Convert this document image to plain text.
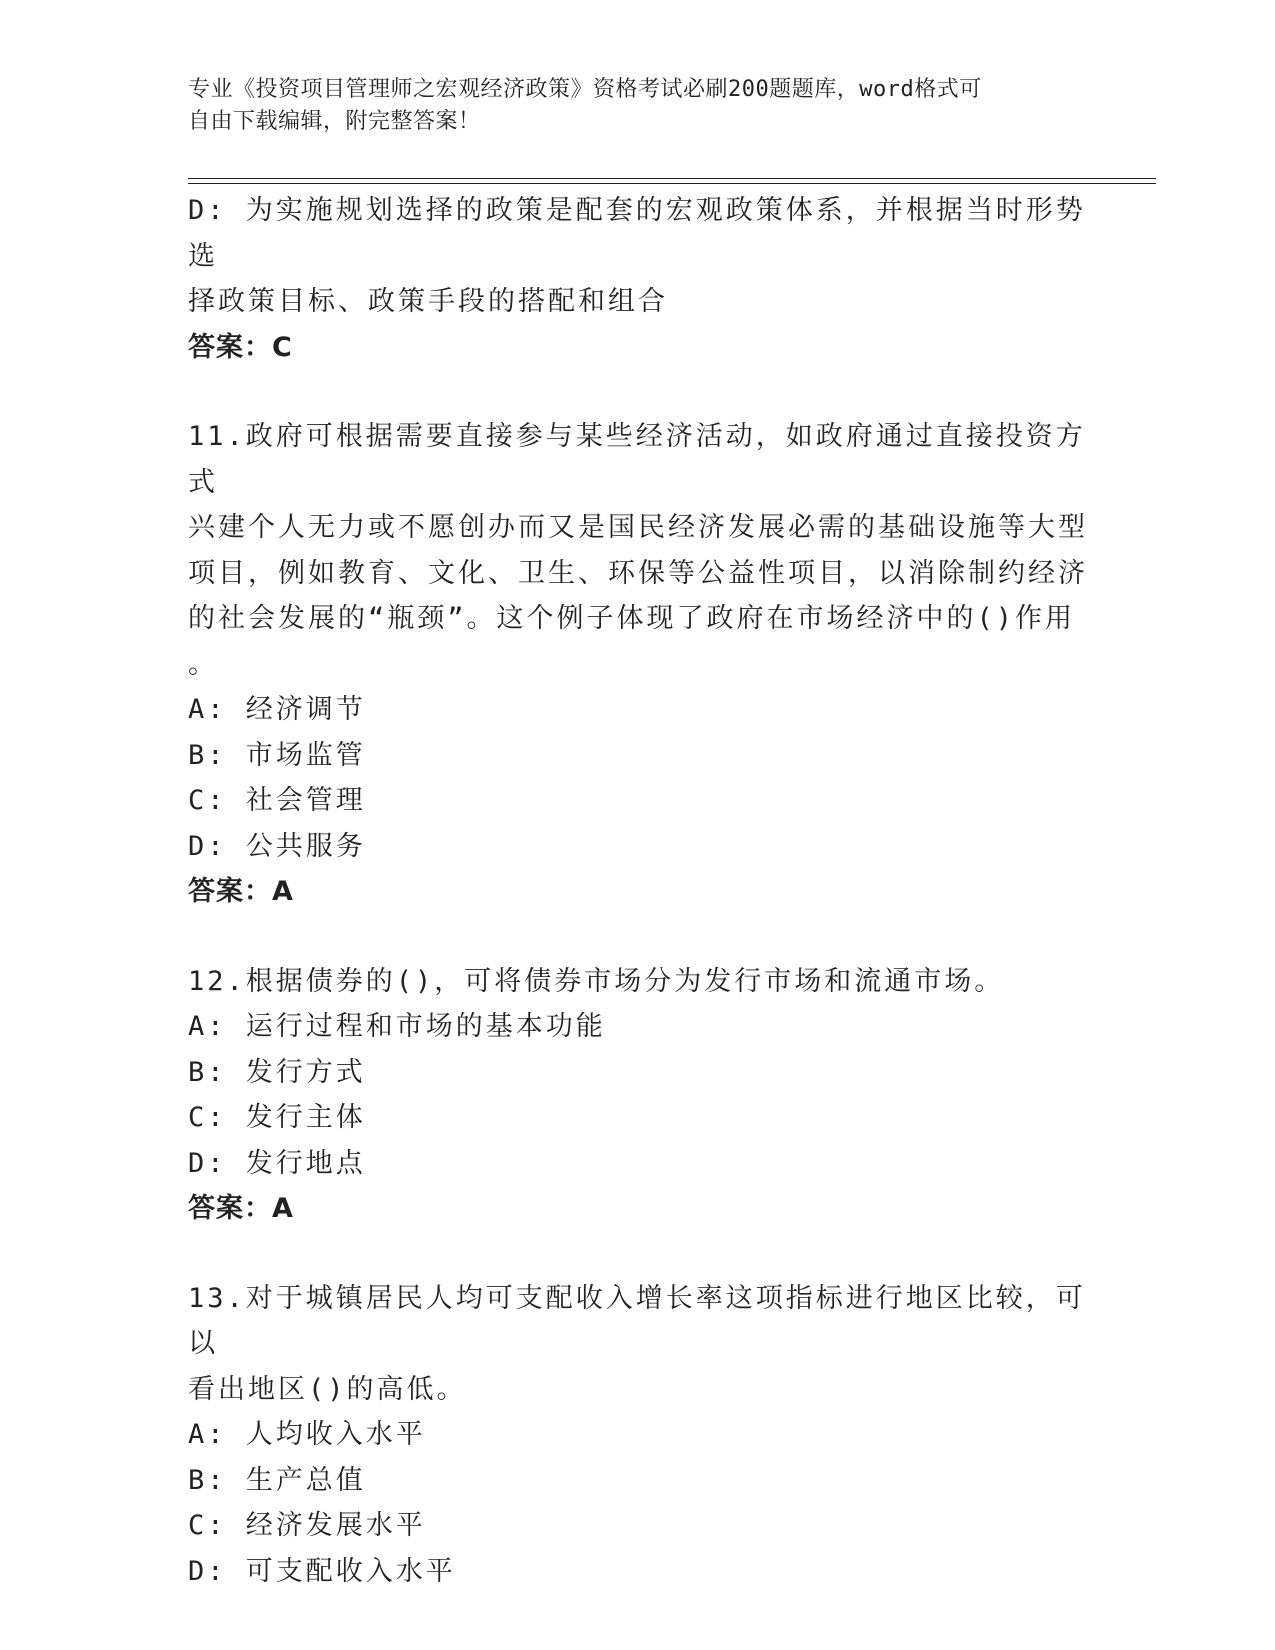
专业《投资项目管理师之宏观经济政策》资格考试必刷200题题库，word格式可
自由下载编辑，附完整答案！

D: 为实施规划选择的政策是配套的宏观政策体系，并根据当时形势选

择政策目标、政策手段的搭配和组合

答案：C

11.政府可根据需要直接参与某些经济活动，如政府通过直接投资方式

兴建个人无力或不愿创办而又是国民经济发展必需的基础设施等大型

项目，例如教育、文化、卫生、环保等公益性项目，以消除制约经济

的社会发展的“瓶颈”。这个例子体现了政府在市场经济中的()作用

。

A: 经济调节

B: 市场监管

C: 社会管理

D: 公共服务

答案：A

12.根据债券的()，可将债券市场分为发行市场和流通市场。

A: 运行过程和市场的基本功能

B: 发行方式

C: 发行主体

D: 发行地点

答案：A

13.对于城镇居民人均可支配收入增长率这项指标进行地区比较，可以

看出地区()的高低。

A: 人均收入水平

B: 生产总值

C: 经济发展水平

D: 可支配收入水平
